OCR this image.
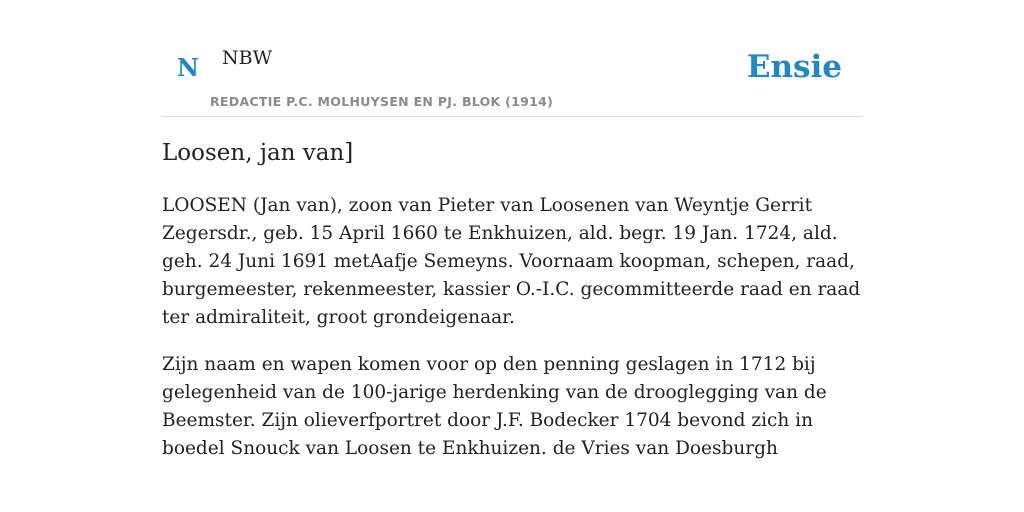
N NBW
REDACTIE P.C. MOLHUYSEN EN PJ. BLOK (1914)
Ensie
Loosen, jan van]

LOOSEN (Jan van), zoon van Pieter van Loosenen van Weyntje Gerrit Zegersdr., geb. 15 April 1660 te Enkhuizen, ald. begr. 19 Jan. 1724, ald. geh. 24 Juni 1691 metAafje Semeyns. Voornaam koopman, schepen, raad, burgemeester, rekenmeester, kassier O.-I.C. gecommitteerde raad en raad ter admiraliteit, groot grondeigenaar.

Zijn naam en wapen komen voor op den penning geslagen in 1712 bij gelegenheid van de 100-jarige herdenking van de drooglegging van de Beemster. Zijn olieverfportret door J.F. Bodecker 1704 bevond zich in boedel Snouck van Loosen te Enkhuizen. de Vries van Doesburgh
